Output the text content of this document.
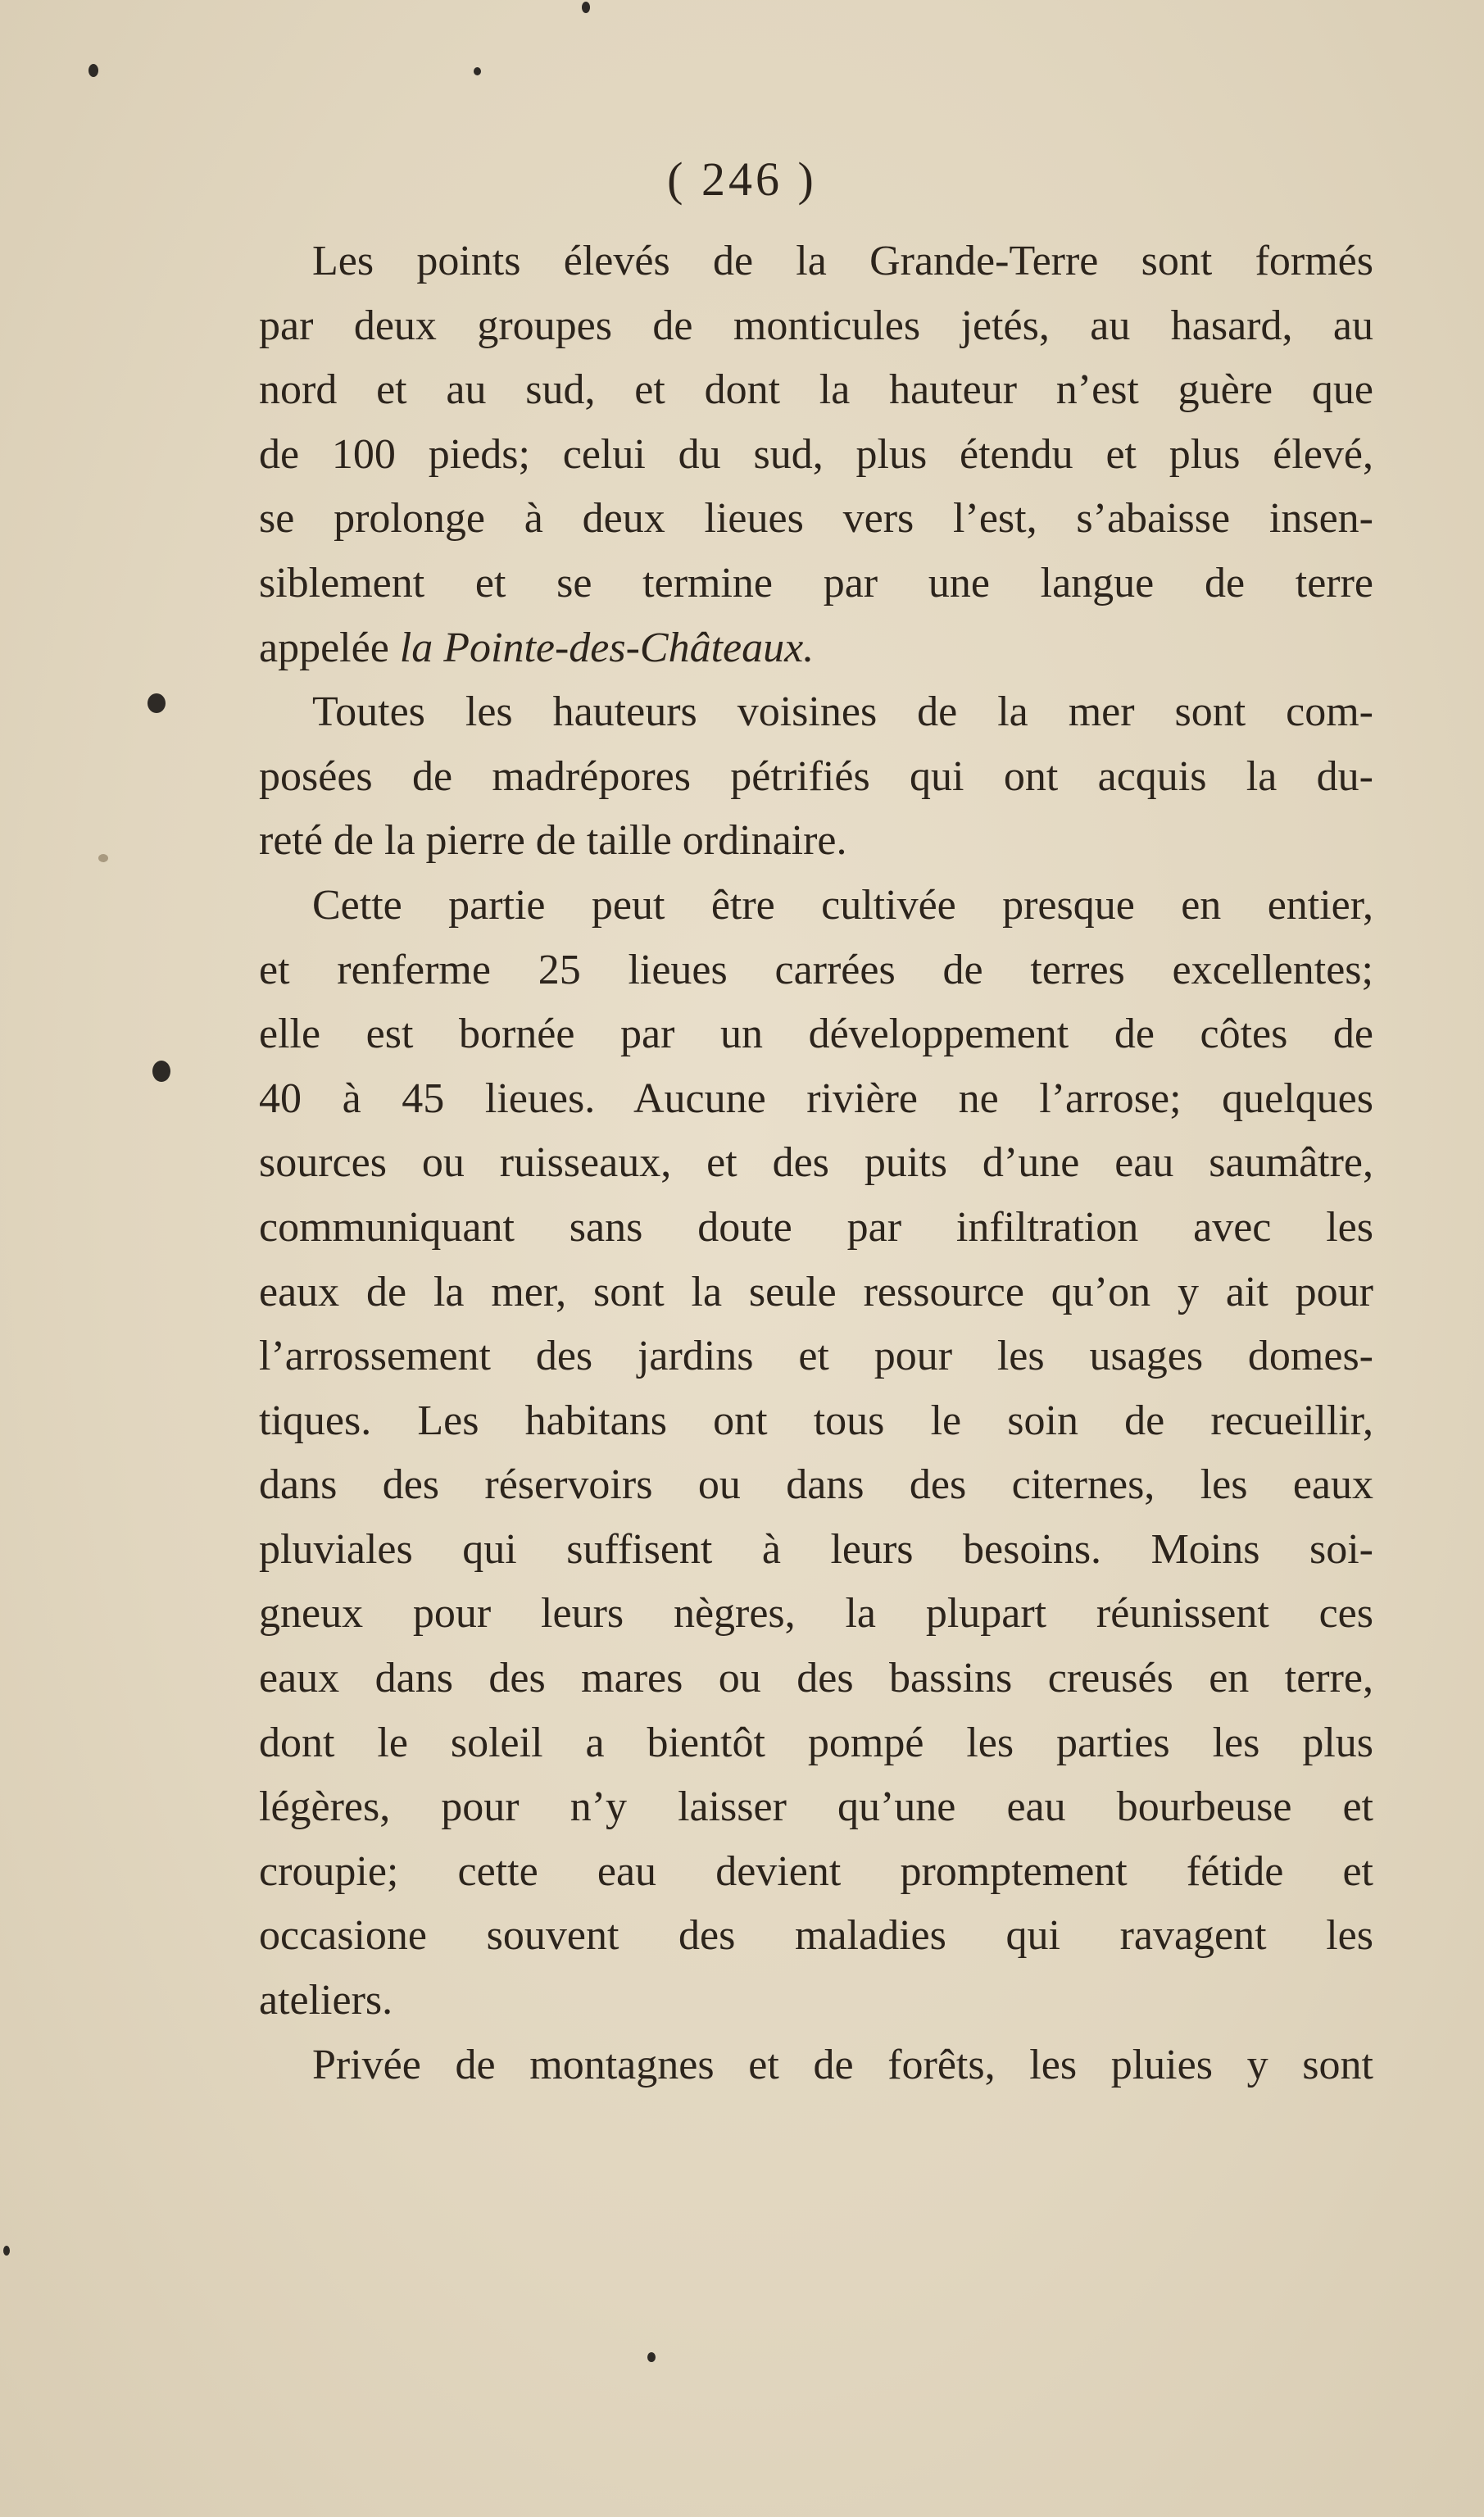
( 246 )
Les points élevés de la Grande-Terre sont formés
par deux groupes de monticules jetés, au hasard, au
nord et au sud, et dont la hauteur n’est guère que
de 100 pieds; celui du sud, plus étendu et plus élevé,
se prolonge à deux lieues vers l’est, s’abaisse insen-
siblement et se termine par une langue de terre
appelée la Pointe-des-Châteaux.
Toutes les hauteurs voisines de la mer sont com-
posées de madrépores pétrifiés qui ont acquis la du-
reté de la pierre de taille ordinaire.
Cette partie peut être cultivée presque en entier,
et renferme 25 lieues carrées de terres excellentes;
elle est bornée par un développement de côtes de
40 à 45 lieues. Aucune rivière ne l’arrose; quelques
sources ou ruisseaux, et des puits d’une eau saumâtre,
communiquant sans doute par infiltration avec les
eaux de la mer, sont la seule ressource qu’on y ait pour
l’arrossement des jardins et pour les usages domes-
tiques. Les habitans ont tous le soin de recueillir,
dans des réservoirs ou dans des citernes, les eaux
pluviales qui suffisent à leurs besoins. Moins soi-
gneux pour leurs nègres, la plupart réunissent ces
eaux dans des mares ou des bassins creusés en terre,
dont le soleil a bientôt pompé les parties les plus
légères, pour n’y laisser qu’une eau bourbeuse et
croupie; cette eau devient promptement fétide et
occasione souvent des maladies qui ravagent les
ateliers.
Privée de montagnes et de forêts, les pluies y sont
